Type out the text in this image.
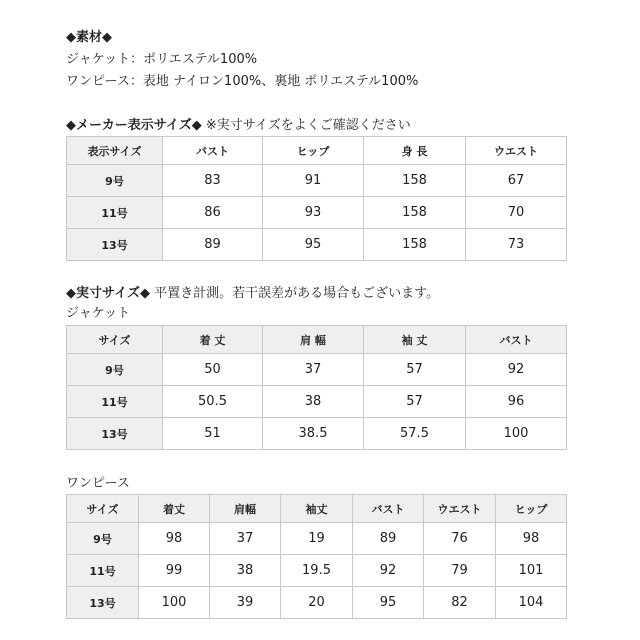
◆素材◆
ジャケット：ポリエステル100%
ワンピース：表地 ナイロン100%、裏地 ポリエステル100%
◆メーカー表示サイズ◆ ※実寸サイズをよくご確認ください
表示サイズ	バスト	ヒップ	身 長	ウエスト
9号	83	91	158	67
11号	86	93	158	70
13号	89	95	158	73
◆実寸サイズ◆ 平置き計測。若干誤差がある場合もございます。
ジャケット
サイズ	着 丈	肩 幅	袖 丈	バスト
9号	50	37	57	92
11号	50.5	38	57	96
13号	51	38.5	57.5	100
ワンピース
サイズ	着丈	肩幅	袖丈	バスト	ウエスト	ヒップ
9号	98	37	19	89	76	98
11号	99	38	19.5	92	79	101
13号	100	39	20	95	82	104
